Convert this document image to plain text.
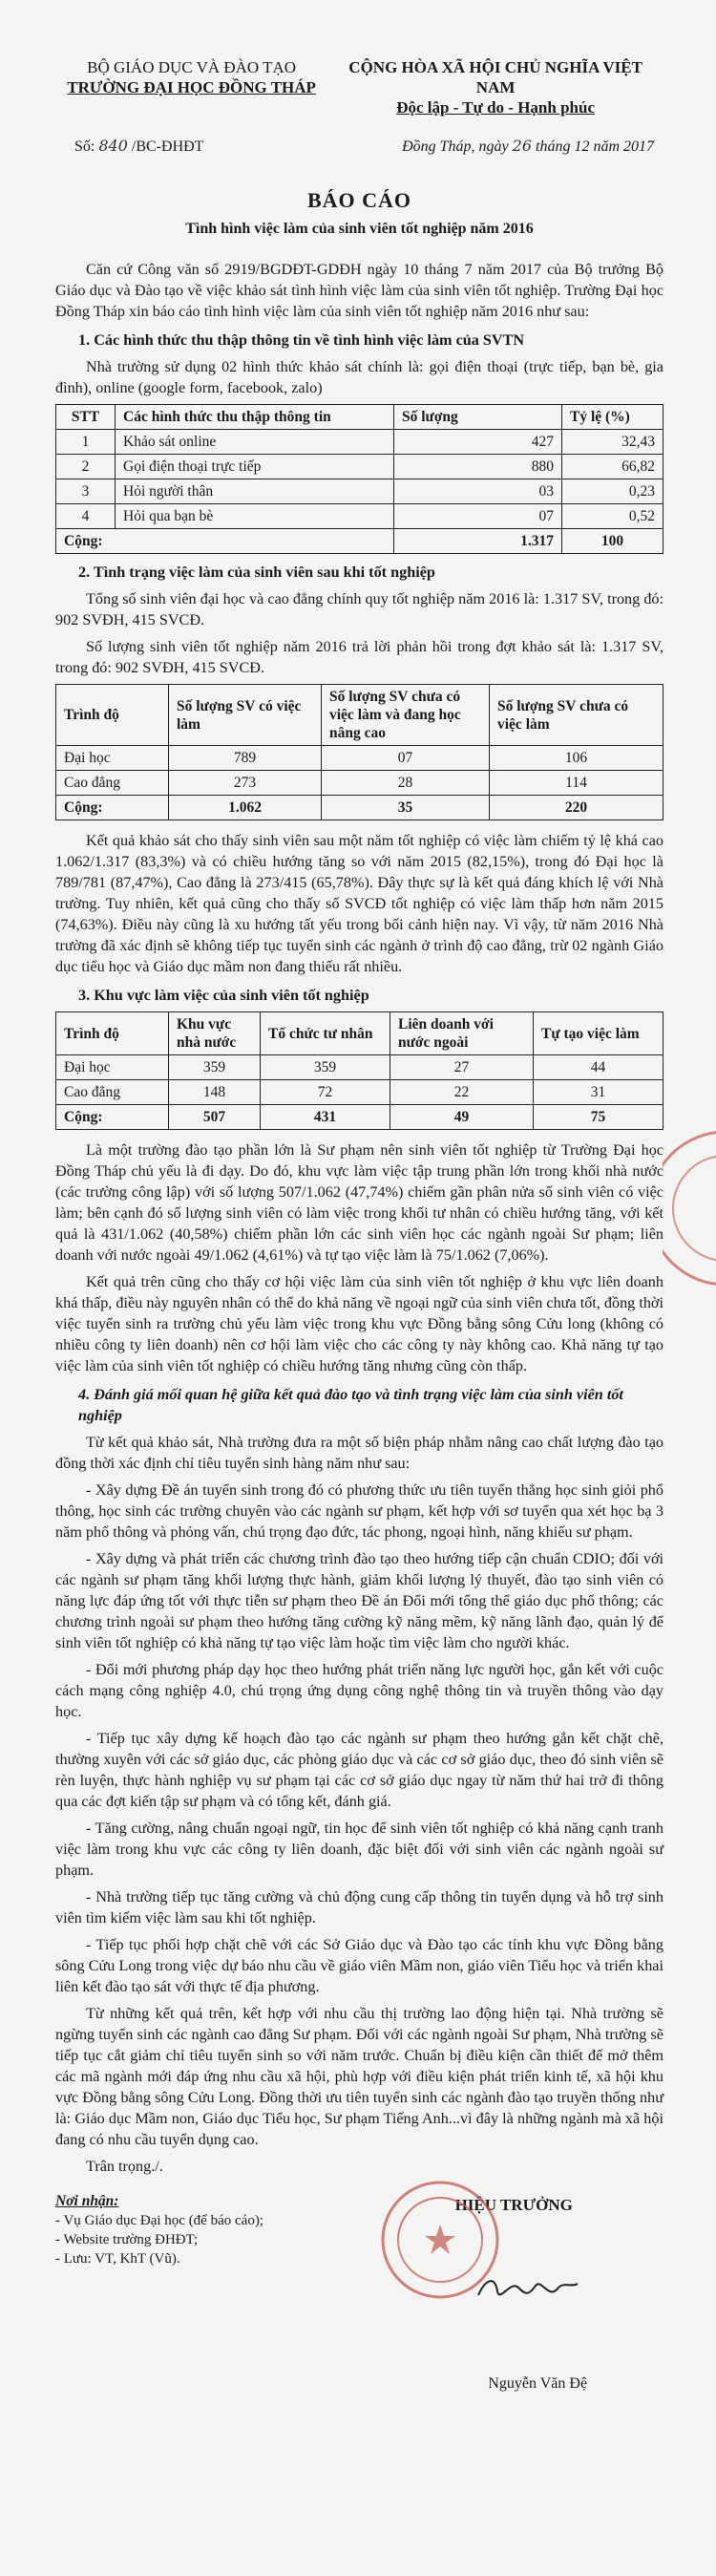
BỘ GIÁO DỤC VÀ ĐÀO TẠO
TRƯỜNG ĐẠI HỌC ĐỒNG THÁP
CỘNG HÒA XÃ HỘI CHỦ NGHĨA VIỆT NAM
Độc lập - Tự do - Hạnh phúc
Số: 840 /BC-ĐHĐT	Đồng Tháp, ngày 26 tháng 12 năm 2017
BÁO CÁO
Tình hình việc làm của sinh viên tốt nghiệp năm 2016

Căn cứ Công văn số 2919/BGDĐT-GDĐH ngày 10 tháng 7 năm 2017 của Bộ trưởng Bộ Giáo dục và Đào tạo về việc khảo sát tình hình việc làm của sinh viên tốt nghiệp. Trường Đại học Đồng Tháp xin báo cáo tình hình việc làm của sinh viên tốt nghiệp năm 2016 như sau:

1. Các hình thức thu thập thông tin về tình hình việc làm của SVTN

Nhà trường sử dụng 02 hình thức khảo sát chính là: gọi điện thoại (trực tiếp, bạn bè, gia đình), online (google form, facebook, zalo)

STT	Các hình thức thu thập thông tin	Số lượng	Tỷ lệ (%)
1	Khảo sát online	427	32,43
2	Gọi điện thoại trực tiếp	880	66,82
3	Hỏi người thân	03	0,23
4	Hỏi qua bạn bè	07	0,52
Cộng:		1.317	100
2. Tình trạng việc làm của sinh viên sau khi tốt nghiệp

Tổng số sinh viên đại học và cao đẳng chính quy tốt nghiệp năm 2016 là: 1.317 SV, trong đó: 902 SVĐH, 415 SVCĐ.

Số lượng sinh viên tốt nghiệp năm 2016 trả lời phản hồi trong đợt khảo sát là: 1.317 SV, trong đó: 902 SVĐH, 415 SVCĐ.

Trình độ	Số lượng SV có việc làm	Số lượng SV chưa có việc làm và đang học nâng cao	Số lượng SV chưa có việc làm
Đại học	789	07	106
Cao đẳng	273	28	114
Cộng:	1.062	35	220

Kết quả khảo sát cho thấy sinh viên sau một năm tốt nghiệp có việc làm chiếm tỷ lệ khá cao 1.062/1.317 (83,3%) và có chiều hướng tăng so với năm 2015 (82,15%), trong đó Đại học là 789/781 (87,47%), Cao đẳng là 273/415 (65,78%). Đây thực sự là kết quả đáng khích lệ với Nhà trường. Tuy nhiên, kết quả cũng cho thấy số SVCĐ tốt nghiệp có việc làm thấp hơn năm 2015 (74,63%). Điều này cũng là xu hướng tất yếu trong bối cảnh hiện nay. Vì vậy, từ năm 2016 Nhà trường đã xác định sẽ không tiếp tục tuyển sinh các ngành ở trình độ cao đẳng, trừ 02 ngành Giáo dục tiểu học và Giáo dục mầm non đang thiếu rất nhiều.

3. Khu vực làm việc của sinh viên tốt nghiệp
Trình độ	Khu vực nhà nước	Tổ chức tư nhân	Liên doanh với nước ngoài	Tự tạo việc làm
Đại học	359	359	27	44
Cao đẳng	148	72	22	31
Cộng:	507	431	49	75

Là một trường đào tạo phần lớn là Sư phạm nên sinh viên tốt nghiệp từ Trường Đại học Đồng Tháp chủ yếu là đi dạy. Do đó, khu vực làm việc tập trung phần lớn trong khối nhà nước (các trường công lập) với số lượng 507/1.062 (47,74%) chiếm gần phân nửa số sinh viên có việc làm; bên cạnh đó số lượng sinh viên có làm việc trong khối tư nhân có chiều hướng tăng, với kết quả là 431/1.062 (40,58%) chiếm phần lớn các sinh viên học các ngành ngoài Sư phạm; liên doanh với nước ngoài 49/1.062 (4,61%) và tự tạo việc làm là 75/1.062 (7,06%).

Kết quả trên cũng cho thấy cơ hội việc làm của sinh viên tốt nghiệp ở khu vực liên doanh khá thấp, điều này nguyên nhân có thể do khả năng về ngoại ngữ của sinh viên chưa tốt, đồng thời việc tuyển sinh ra trường chủ yếu làm việc trong khu vực Đồng bằng sông Cửu long (không có nhiều công ty liên doanh) nên cơ hội làm việc cho các công ty này không cao. Khả năng tự tạo việc làm của sinh viên tốt nghiệp có chiều hướng tăng nhưng cũng còn thấp.

4. Đánh giá mối quan hệ giữa kết quả đào tạo và tình trạng việc làm của sinh viên tốt nghiệp

Từ kết quả khảo sát, Nhà trường đưa ra một số biện pháp nhằm nâng cao chất lượng đào tạo đồng thời xác định chỉ tiêu tuyển sinh hàng năm như sau:

- Xây dựng Đề án tuyển sinh trong đó có phương thức ưu tiên tuyển thẳng học sinh giỏi phổ thông, học sinh các trường chuyên vào các ngành sư phạm, kết hợp với sơ tuyển qua xét học bạ 3 năm phổ thông và phỏng vấn, chú trọng đạo đức, tác phong, ngoại hình, năng khiếu sư phạm.

- Xây dựng và phát triển các chương trình đào tạo theo hướng tiếp cận chuẩn CDIO; đối với các ngành sư phạm tăng khối lượng thực hành, giảm khối lượng lý thuyết, đào tạo sinh viên có năng lực đáp ứng tốt với thực tiễn sư phạm theo Đề án Đổi mới tổng thể giáo dục phổ thông; các chương trình ngoài sư phạm theo hướng tăng cường kỹ năng mềm, kỹ năng lãnh đạo, quản lý để sinh viên tốt nghiệp có khả năng tự tạo việc làm hoặc tìm việc làm cho người khác.

- Đổi mới phương pháp dạy học theo hướng phát triển năng lực người học, gắn kết với cuộc cách mạng công nghiệp 4.0, chú trọng ứng dụng công nghệ thông tin và truyền thông vào dạy học.

- Tiếp tục xây dựng kế hoạch đào tạo các ngành sư phạm theo hướng gắn kết chặt chẽ, thường xuyên với các sở giáo dục, các phòng giáo dục và các cơ sở giáo dục, theo đó sinh viên sẽ rèn luyện, thực hành nghiệp vụ sư phạm tại các cơ sở giáo dục ngay từ năm thứ hai trở đi thông qua các đợt kiến tập sư phạm và có tổng kết, đánh giá.

- Tăng cường, nâng chuẩn ngoại ngữ, tin học để sinh viên tốt nghiệp có khả năng cạnh tranh việc làm trong khu vực các công ty liên doanh, đặc biệt đối với sinh viên các ngành ngoài sư phạm.

- Nhà trường tiếp tục tăng cường và chủ động cung cấp thông tin tuyển dụng và hỗ trợ sinh viên tìm kiếm việc làm sau khi tốt nghiệp.

- Tiếp tục phối hợp chặt chẽ với các Sở Giáo dục và Đào tạo các tỉnh khu vực Đồng bằng sông Cửu Long trong việc dự báo nhu cầu về giáo viên Mầm non, giáo viên Tiểu học và triển khai liên kết đào tạo sát với thực tế địa phương.

Từ những kết quả trên, kết hợp với nhu cầu thị trường lao động hiện tại. Nhà trường sẽ ngừng tuyển sinh các ngành cao đẳng Sư phạm. Đối với các ngành ngoài Sư phạm, Nhà trường sẽ tiếp tục cắt giảm chỉ tiêu tuyển sinh so với năm trước. Chuẩn bị điều kiện cần thiết để mở thêm các mã ngành mới đáp ứng nhu cầu xã hội, phù hợp với điều kiện phát triển kinh tế, xã hội khu vực Đồng bằng sông Cửu Long. Đồng thời ưu tiên tuyển sinh các ngành đào tạo truyền thống như là: Giáo dục Mầm non, Giáo dục Tiểu học, Sư phạm Tiếng Anh...vì đây là những ngành mà xã hội đang có nhu cầu tuyển dụng cao.

Trân trọng./.

Nơi nhận:
- Vụ Giáo dục Đại học (để báo cáo);
- Website trường ĐHĐT;
- Lưu: VT, KhT (Vũ).
HIỆU TRƯỞNG
Nguyễn Văn Đệ
